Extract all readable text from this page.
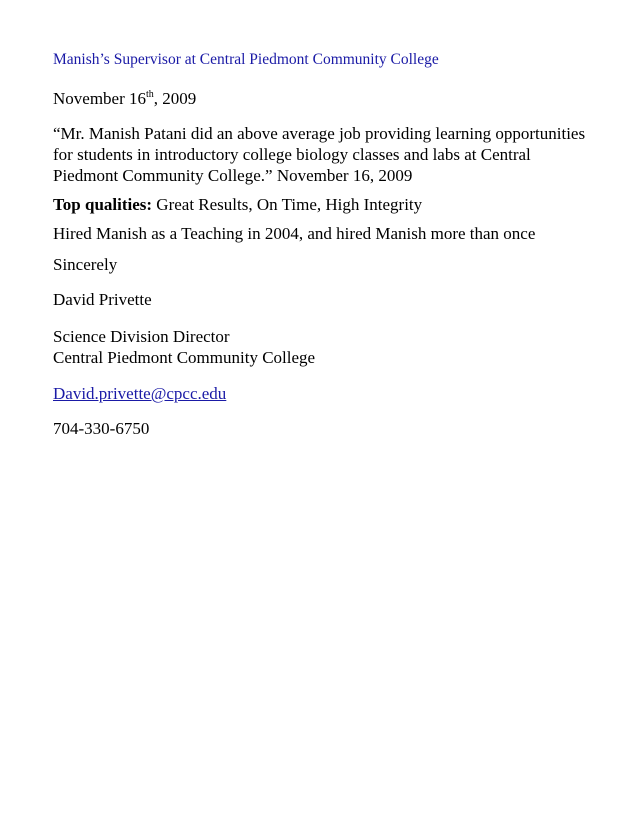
Manish’s Supervisor at Central Piedmont Community College
November 16th, 2009
“Mr. Manish Patani did an above average job providing learning opportunities
for students in introductory college biology classes and labs at Central
Piedmont Community College.” November 16, 2009
Top qualities: Great Results, On Time, High Integrity
Hired Manish as a Teaching in 2004, and hired Manish more than once
Sincerely
David Privette
Science Division Director
Central Piedmont Community College
David.privette@cpcc.edu
704-330-6750
